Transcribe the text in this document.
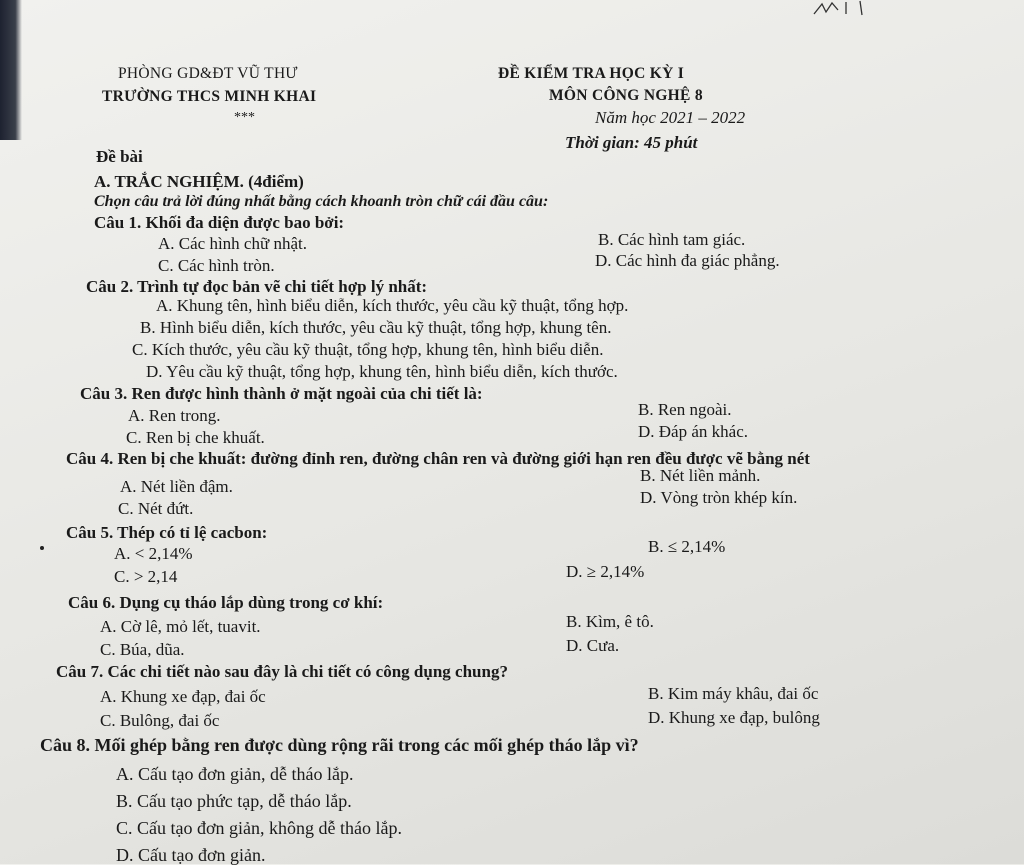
PHÒNG GD&ĐT VŨ THƯ
TRƯỜNG THCS MINH KHAI
***
ĐỀ KIỂM TRA HỌC KỲ I
MÔN CÔNG NGHỆ 8
Năm học 2021 – 2022
Thời gian: 45 phút
Đề bài
A. TRẮC NGHIỆM. (4điểm)
Chọn câu trả lời đúng nhất bằng cách khoanh tròn chữ cái đầu câu:
Câu 1. Khối đa diện được bao bởi:
A. Các hình chữ nhật.	B. Các hình tam giác.
C. Các hình tròn.	D. Các hình đa giác phẳng.
Câu 2. Trình tự đọc bản vẽ chi tiết hợp lý nhất:
A. Khung tên, hình biểu diễn, kích thước, yêu cầu kỹ thuật, tổng hợp.
B. Hình biểu diễn, kích thước, yêu cầu kỹ thuật, tổng hợp, khung tên.
C. Kích thước, yêu cầu kỹ thuật, tổng hợp, khung tên, hình biểu diễn.
D. Yêu cầu kỹ thuật, tổng hợp, khung tên, hình biểu diễn, kích thước.
Câu 3. Ren được hình thành ở mặt ngoài của chi tiết là:
A. Ren trong.	B. Ren ngoài.
C. Ren bị che khuất.	D. Đáp án khác.
Câu 4. Ren bị che khuất: đường đỉnh ren, đường chân ren và đường giới hạn ren đều được vẽ bằng nét
A. Nét liền đậm.
B. Nét liền mảnh.
C. Nét đứt.
D. Vòng tròn khép kín.
Câu 5. Thép có tỉ lệ cacbon:
A. < 2,14%	B. ≤ 2,14%
C. > 2,14	D. ≥ 2,14%
Câu 6. Dụng cụ tháo lắp dùng trong cơ khí:
A. Cờ lê, mỏ lết, tuavit.	B. Kìm, ê tô.
C. Búa, dũa.	D. Cưa.
Câu 7. Các chi tiết nào sau đây là chi tiết có công dụng chung?
A. Khung xe đạp, đai ốc	B. Kim máy khâu, đai ốc
C. Bulông, đai ốc	D. Khung xe đạp, bulông
Câu 8. Mối ghép bằng ren được dùng rộng rãi trong các mối ghép tháo lắp vì?
A. Cấu tạo đơn giản, dễ tháo lắp.
B. Cấu tạo phức tạp, dễ tháo lắp.
C. Cấu tạo đơn giản, không dễ tháo lắp.
D. Cấu tạo đơn giản.
